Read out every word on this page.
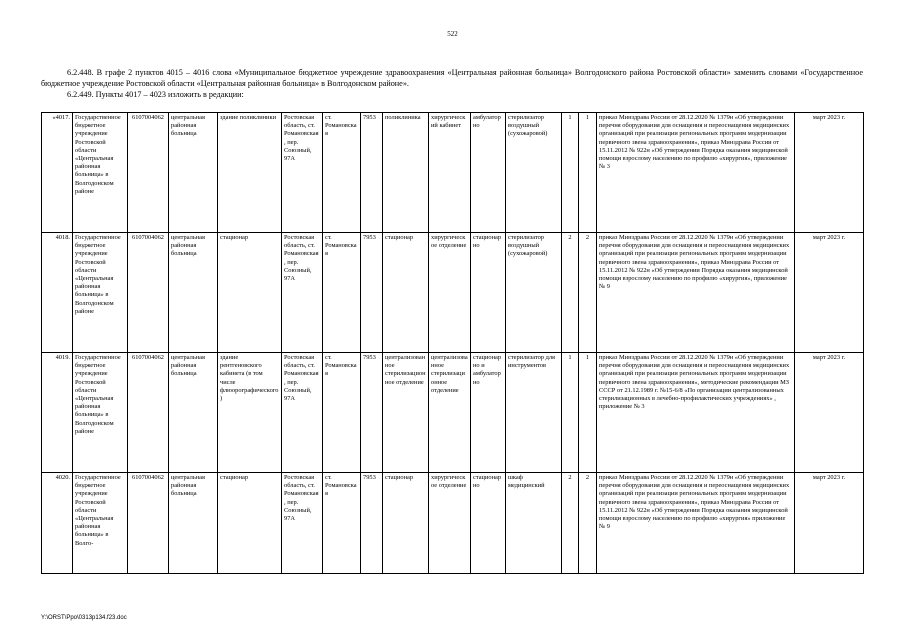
522
6.2.448. В графе 2 пунктов 4015 – 4016 слова «Муниципальное бюджетное учреждение здравоохранения «Центральная районная больница» Волгодонского района Ростовской области» заменить словами «Государственное бюджетное учреждение Ростовской области «Центральная районная больница» в Волгодонском районе».
6.2.449. Пункты 4017 – 4023 изложить в редакции:
«4017.	Государственное бюджетное учреждение Ростовской области «Центральная районная больница» в Волгодонском районе	6107004062	центральная районная больница	здание поликлиники	Ростовская область, ст. Романовская, пер. Союзный, 97А	ст. Романовская	7953	поликлиника	хирургический кабинет	амбулаторно	стерилизатор воздушный (сухожаровой)	1	1	приказ Минздрава России от 28.12.2020 № 1379н «Об утверждении перечня оборудования для оснащения и переоснащения медицинских организаций при реализации региональных программ модернизации первичного звена здравоохранения», приказ Минздрава России от 15.11.2012 № 922н «Об утверждении Порядка оказания медицинской помощи взрослому населению по профилю «хирургия», приложение № 3	март 2023 г.
4018.	Государственное бюджетное учреждение Ростовской области «Центральная районная больница» в Волгодонском районе	6107004062	центральная районная больница	стационар	Ростовская область, ст. Романовская, пер. Союзный, 97А	ст. Романовская	7953	стационар	хирургическое отделение	стационарно	стерилизатор воздушный (сухожаровой)	2	2	приказ Минздрава России от 28.12.2020 № 1379н «Об утверждении перечня оборудования для оснащения и переоснащения медицинских организаций при реализации региональных программ модернизации первичного звена здравоохранения», приказ Минздрава России от 15.11.2012 № 922н «Об утверждении Порядка оказания медицинской помощи взрослому населению по профилю «хирургия», приложение № 9	март 2023 г.
4019.	Государственное бюджетное учреждение Ростовской области «Центральная районная больница» в Волгодонском районе	6107004062	центральная районная больница	здание рентгеновского кабинета (в том числе флюорографического)	Ростовская область, ст. Романовская, пер. Союзный, 97А	ст. Романовская	7953	централизованное стерилизационное отделение	централизованное стерилизационное отделение	стационарно и амбулаторно	стерилизатор для инструментов	1	1	приказ Минздрава России от 28.12.2020 № 1379н «Об утверждении перечня оборудования для оснащения и переоснащения медицинских организаций при реализации региональных программ модернизации первичного звена здравоохранения», методические рекомендации МЗ СССР от 21.12.1989 г. №15-6/8 «По организации централизованных стерилизационных в лечебно-профилактических учреждениях» , приложение № 3	март 2023 г.
4020.	Государственное бюджетное учреждение Ростовской области «Центральная районная больница» в Волго-	6107004062	центральная районная больница	стационар	Ростовская область, ст. Романовская, пер. Союзный, 97А	ст. Романовская	7953	стационар	хирургическое отделение	стационарно	шкаф медицинский	2	2	приказ Минздрава России от 28.12.2020 № 1379н «Об утверждении перечня оборудования для оснащения и переоснащения медицинских организаций при реализации региональных программ модернизации первичного звена здравоохранения», приказ Минздрава России от 15.11.2012 № 922н «Об утверждении Порядка оказания медицинской помощи взрослому населению по профилю «хирургия» приложение № 9	март 2023 г.
Y:\ORST\Ppo\0313p134.f23.doc
